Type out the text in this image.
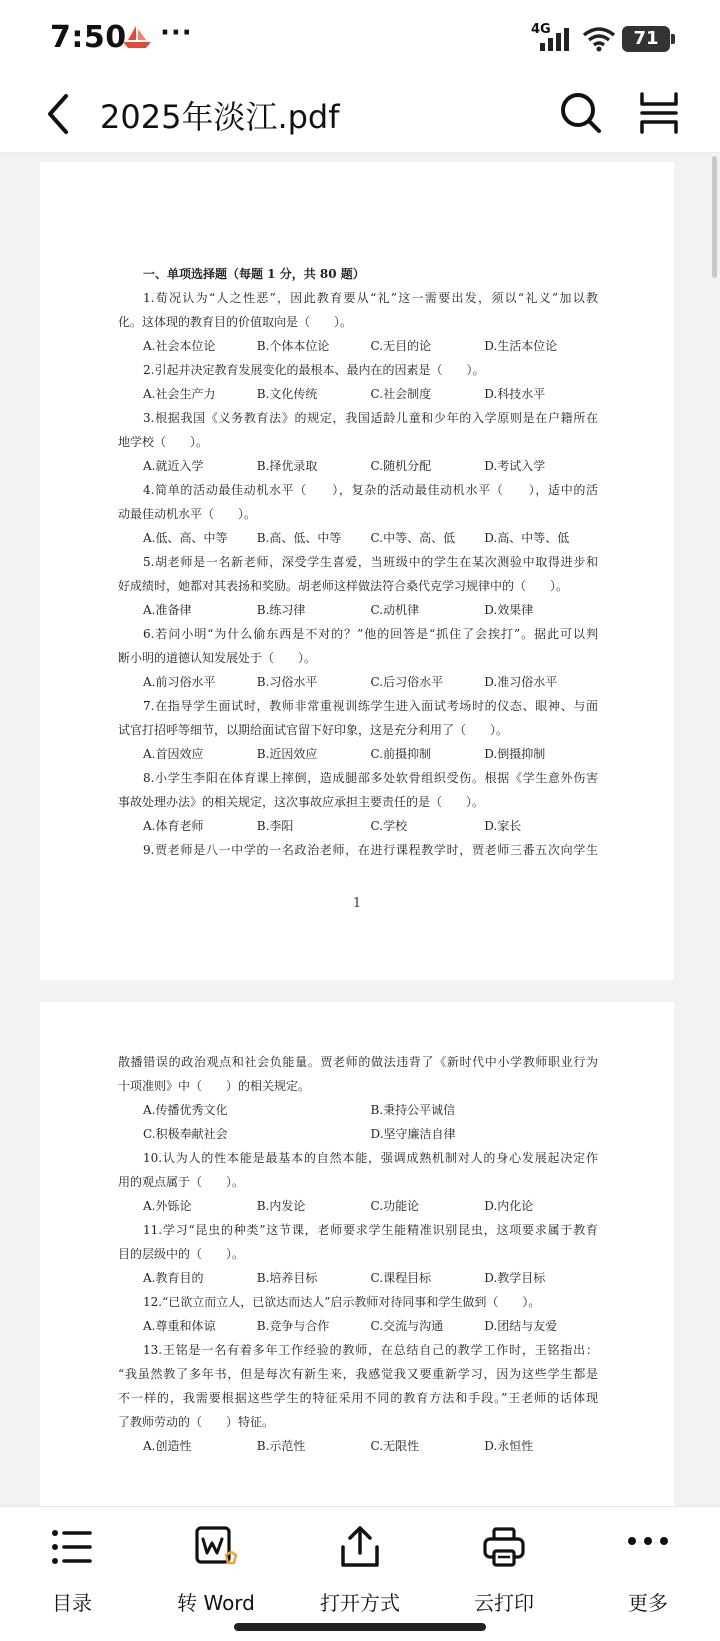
7:50 ···	4G	71
2025年淡江.pdf
一、单项选择题（每题 1 分，共 80 题）
1.荀况认为“人之性恶”，因此教育要从“礼”这一需要出发，须以“礼义”加以教
化。这体现的教育目的价值取向是（　　）。
A.社会本位论	B.个体本位论	C.无目的论	D.生活本位论
2.引起并决定教育发展变化的最根本、最内在的因素是（　　）。
A.社会生产力	B.文化传统	C.社会制度	D.科技水平
3.根据我国《义务教育法》的规定，我国适龄儿童和少年的入学原则是在户籍所在
地学校（　　）。
A.就近入学	B.择优录取	C.随机分配	D.考试入学
4.简单的活动最佳动机水平（　　），复杂的活动最佳动机水平（　　），适中的活
动最佳动机水平（　　）。
A.低、高、中等	B.高、低、中等	C.中等、高、低	D.高、中等、低
5.胡老师是一名新老师，深受学生喜爱，当班级中的学生在某次测验中取得进步和
好成绩时，她都对其表扬和奖励。胡老师这样做法符合桑代克学习规律中的（　　）。
A.准备律	B.练习律	C.动机律	D.效果律
6.若问小明“为什么偷东西是不对的？”他的回答是“抓住了会挨打”。据此可以判
断小明的道德认知发展处于（　　）。
A.前习俗水平	B.习俗水平	C.后习俗水平	D.准习俗水平
7.在指导学生面试时，教师非常重视训练学生进入面试考场时的仪态、眼神、与面
试官打招呼等细节，以期给面试官留下好印象，这是充分利用了（　　）。
A.首因效应	B.近因效应	C.前摄抑制	D.倒摄抑制
8.小学生李阳在体育课上摔倒，造成腿部多处软骨组织受伤。根据《学生意外伤害
事故处理办法》的相关规定，这次事故应承担主要责任的是（　　）。
A.体育老师	B.李阳	C.学校	D.家长
9.贾老师是八一中学的一名政治老师，在进行课程教学时，贾老师三番五次向学生
1
散播错误的政治观点和社会负能量。贾老师的做法违背了《新时代中小学教师职业行为
十项准则》中（　　）的相关规定。
A.传播优秀文化	B.秉持公平诚信
C.积极奉献社会	D.坚守廉洁自律
10.认为人的性本能是最基本的自然本能，强调成熟机制对人的身心发展起决定作
用的观点属于（　　）。
A.外铄论	B.内发论	C.功能论	D.内化论
11.学习“昆虫的种类”这节课，老师要求学生能精准识别昆虫，这项要求属于教育
目的层级中的（　　）。
A.教育目的	B.培养目标	C.课程目标	D.教学目标
12.“已欲立而立人，已欲达而达人”启示教师对待同事和学生做到（　　）。
A.尊重和体谅	B.竞争与合作	C.交流与沟通	D.团结与友爱
13.王铭是一名有着多年工作经验的教师，在总结自己的教学工作时，王铭指出：
“我虽然教了多年书，但是每次有新生来，我感觉我又要重新学习，因为这些学生都是
不一样的，我需要根据这些学生的特征采用不同的教育方法和手段。”王老师的话体现
了教师劳动的（　　）特征。
A.创造性	B.示范性	C.无限性	D.永恒性
目录	转 Word	打开方式	云打印	更多
